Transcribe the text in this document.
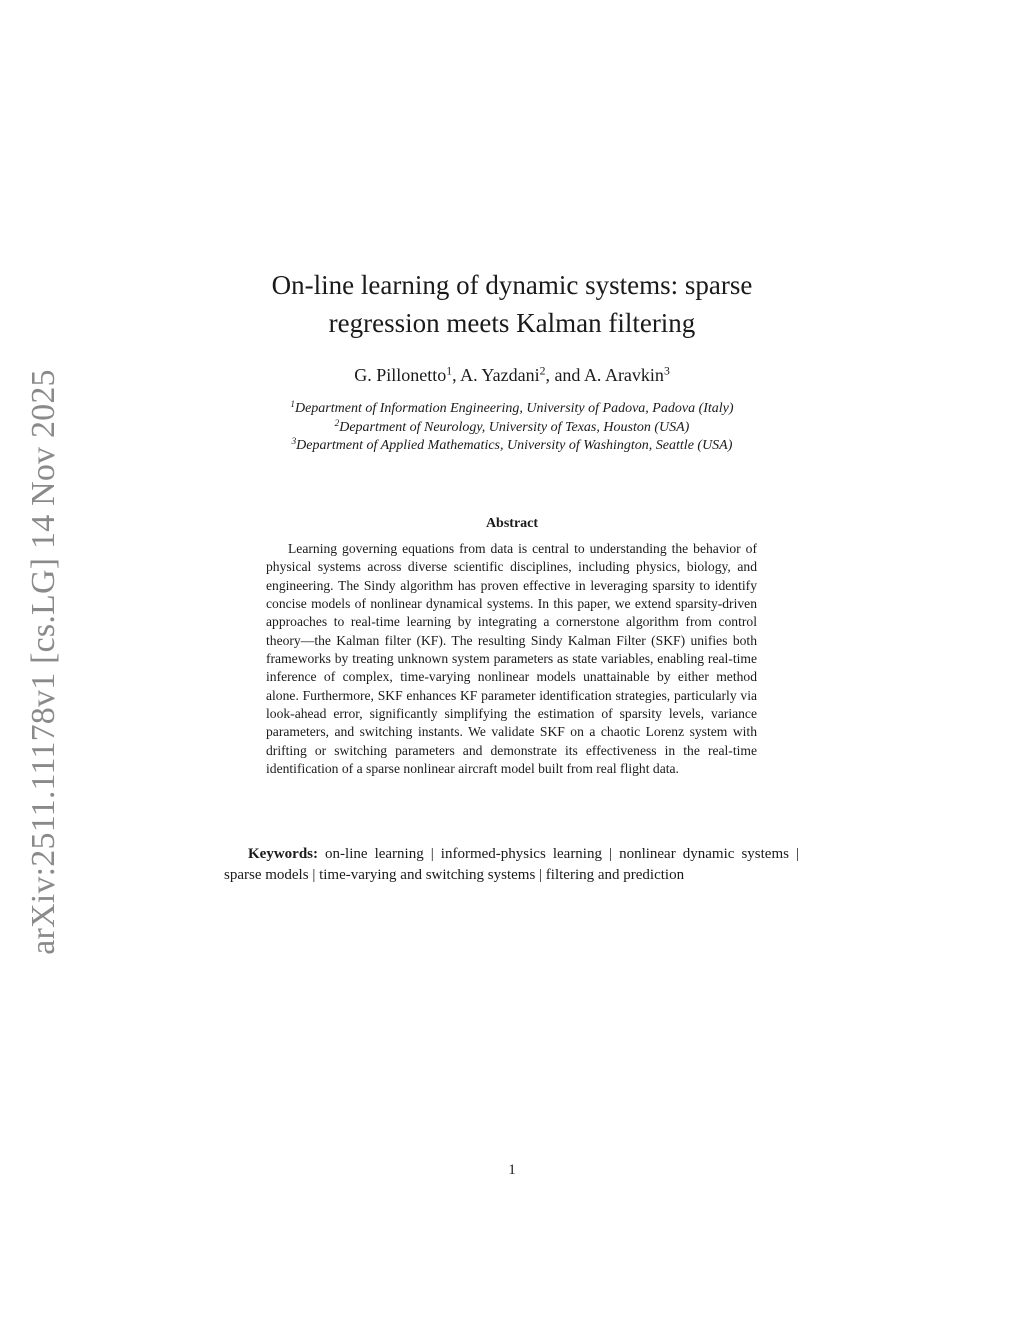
arXiv:2511.11178v1 [cs.LG] 14 Nov 2025
On-line learning of dynamic systems: sparse
regression meets Kalman filtering
G. Pillonetto$^1$, A. Yazdani$^2$, and A. Aravkin$^3$
$^1$Department of Information Engineering, University of Padova, Padova (Italy)
$^2$Department of Neurology, University of Texas, Houston (USA)
$^3$Department of Applied Mathematics, University of Washington, Seattle (USA)
Abstract
Learning governing equations from data is central to understanding the behavior of physical systems across diverse scientific disciplines, including physics, biology, and engineering. The Sindy algorithm has proven effective in leveraging sparsity to identify concise models of nonlinear dynamical systems. In this paper, we extend sparsity-driven approaches to real-time learning by integrating a cornerstone algorithm from control theory—the Kalman filter (KF). The resulting Sindy Kalman Filter (SKF) unifies both frameworks by treating unknown system parameters as state variables, enabling real-time inference of complex, time-varying nonlinear models unattainable by either method alone. Furthermore, SKF enhances KF parameter identification strategies, particularly via look-ahead error, significantly simplifying the estimation of sparsity levels, variance parameters, and switching instants. We validate SKF on a chaotic Lorenz system with drifting or switching parameters and demonstrate its effectiveness in the real-time identification of a sparse nonlinear aircraft model built from real flight data.
Keywords: on-line learning | informed-physics learning | nonlinear dynamic systems | sparse models | time-varying and switching systems | filtering and prediction
1
